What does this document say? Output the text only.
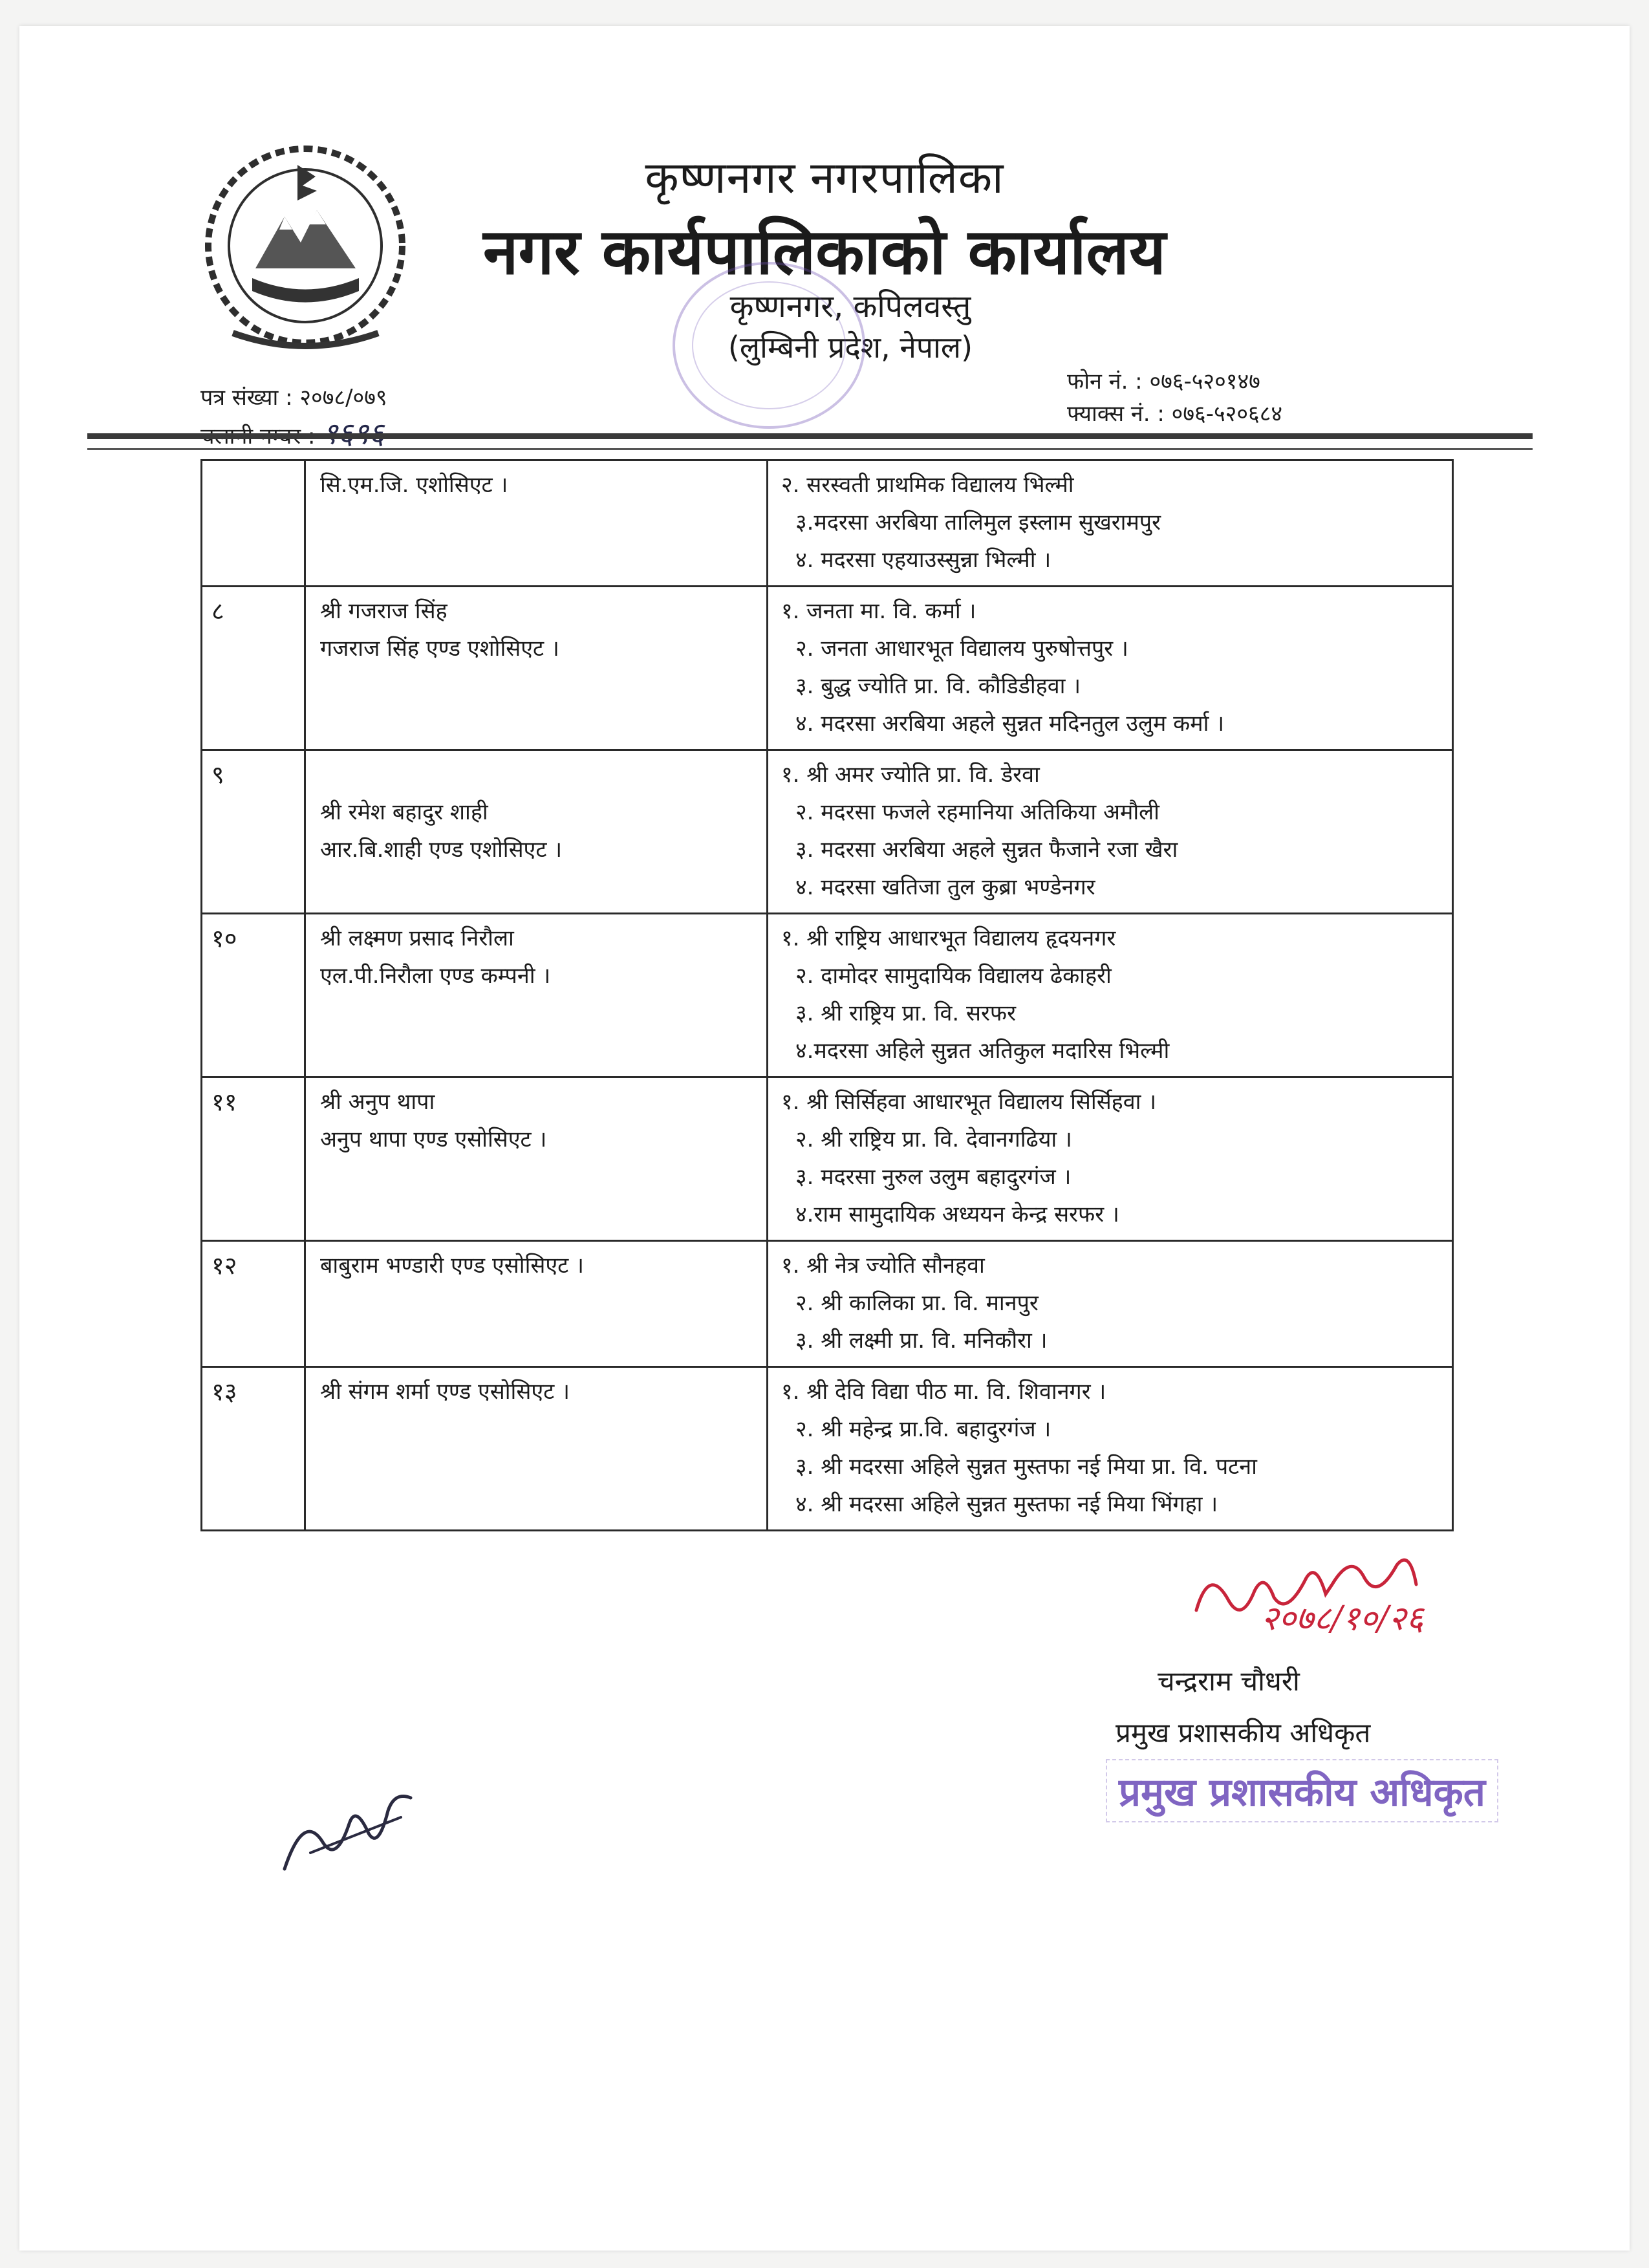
कृष्णनगर नगरपालिका
नगर कार्यपालिकाको कार्यालय
कृष्णनगर, कपिलवस्तु
(लुम्बिनी प्रदेश, नेपाल)
पत्र संख्या : २०७८/०७९
फोन नं. : ०७६-५२०१४७
फ्याक्स नं. : ०७६-५२०६८४

	सि.एम.जि. एशोसिएट ।	२. सरस्वती प्राथमिक विद्यालय भिल्मी
३.मदरसा अरबिया तालिमुल इस्लाम सुखरामपुर
४. मदरसा एहयाउस्सुन्ना भिल्मी ।

८	श्री गजराज सिंह
गजराज सिंह एण्ड एशोसिएट ।	१. जनता मा. वि. कर्मा ।
२. जनता आधारभूत विद्यालय पुरुषोत्तपुर ।
३. बुद्ध ज्योति प्रा. वि. कौडिडीहवा ।
४. मदरसा अरबिया अहले सुन्नत मदिनतुल उलुम कर्मा ।

९	श्री रमेश बहादुर शाही
आर.बि.शाही एण्ड एशोसिएट ।	१. श्री अमर ज्योति प्रा. वि. डेरवा
२. मदरसा फजले रहमानिया अतिकिया अमौली
३. मदरसा अरबिया अहले सुन्नत फैजाने रजा खैरा
४. मदरसा खतिजा तुल कुब्रा भण्डेनगर

१०	श्री लक्ष्मण प्रसाद निरौला
एल.पी.निरौला एण्ड कम्पनी ।	१. श्री राष्ट्रिय आधारभूत विद्यालय हृदयनगर
२. दामोदर सामुदायिक विद्यालय ढेकाहरी
३. श्री राष्ट्रिय प्रा. वि. सरफर
४.मदरसा अहिले सुन्नत अतिकुल मदारिस भिल्मी

११	श्री अनुप थापा
अनुप थापा एण्ड एसोसिएट ।	१. श्री सिर्सिहवा आधारभूत विद्यालय सिर्सिहवा ।
२. श्री राष्ट्रिय प्रा. वि. देवानगढिया ।
३. मदरसा नुरुल उलुम बहादुरगंज ।
४.राम सामुदायिक अध्ययन केन्द्र सरफर ।

१२	बाबुराम भण्डारी एण्ड एसोसिएट ।	१. श्री नेत्र ज्योति सौनहवा
२. श्री कालिका प्रा. वि. मानपुर
३. श्री लक्ष्मी प्रा. वि. मनिकौरा ।

१३	श्री संगम शर्मा एण्ड एसोसिएट ।	१. श्री देवि विद्या पीठ मा. वि. शिवानगर ।
२. श्री महेन्द्र प्रा.वि. बहादुरगंज ।
३. श्री मदरसा अहिले सुन्नत मुस्तफा नई मिया प्रा. वि. पटना
४. श्री मदरसा अहिले सुन्नत मुस्तफा नई मिया भिंगहा ।
२०७८/१०/२६
चन्द्रराम चौधरी
प्रमुख प्रशासकीय अधिकृत
प्रमुख प्रशासकीय अधिकृत
